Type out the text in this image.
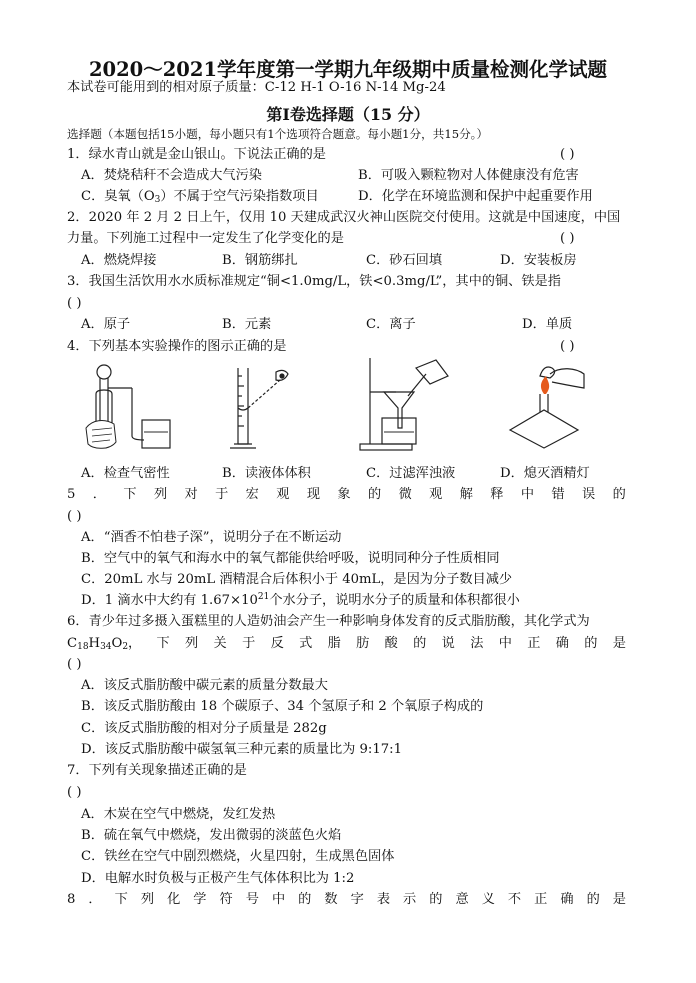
2020～2021学年度第一学期九年级期中质量检测化学试题
本试卷可能用到的相对原子质量：C-12 H-1 O-16 N-14 Mg-24
第Ⅰ卷选择题（15 分）
选择题（本题包括15小题，每小题只有1个选项符合题意。每小题1分，共15分。）
1．绿水青山就是金山银山。下说法正确的是	( )
A．焚烧秸秆不会造成大气污染	B．可吸入颗粒物对人体健康没有危害
C．臭氧$(O_3)$不属于空气污染指数项目	D．化学在环境监测和保护中起重要作用
2．2020 年 2 月 2 日上午，仅用 10 天建成武汉火神山医院交付使用。这就是中国速度，中国
力量。下列施工过程中一定发生了化学变化的是	( )
A．燃烧焊接	B．钢筋绑扎	C．砂石回填	D．安装板房
3．我国生活饮用水水质标准规定“铜<1.0mg/L，铁<0.3mg/L”，其中的铜、铁是指
( )
A．原子	B．元素	C．离子	D．单质
4．下列基本实验操作的图示正确的是	( )
A．检查气密性	B．读液体体积	C．过滤浑浊液	D．熄灭酒精灯
5 ． 下 列 对 于 宏 观 现 象 的 微 观 解 释 中 错 误 的
( )
A．“酒香不怕巷子深”，说明分子在不断运动
B．空气中的氧气和海水中的氧气都能供给呼吸，说明同种分子性质相同
C．20mL 水与 20mL 酒精混合后体积小于 40mL，是因为分子数目减少
D．1 滴水中大约有 $1.67\times 10^{21}$个水分子，说明水分子的质量和体积都很小
6．青少年过多摄入蛋糕里的人造奶油会产生一种影响身体发育的反式脂肪酸，其化学式为
$C_{18}H_{34}O_2$ ， 下 列 关 于 反 式 脂 肪 酸 的 说 法 中 正 确 的 是
( )
A．该反式脂肪酸中碳元素的质量分数最大
B．该反式脂肪酸由 18 个碳原子、34 个氢原子和 2 个氧原子构成的
C．该反式脂肪酸的相对分子质量是 282g
D．该反式脂肪酸中碳氢氧三种元素的质量比为 9:17:1
7．下列有关现象描述正确的是
( )
A．木炭在空气中燃烧，发红发热
B．硫在氧气中燃烧，发出微弱的淡蓝色火焰
C．铁丝在空气中剧烈燃烧，火星四射，生成黑色固体
D．电解水时负极与正极产生气体体积比为 1:2
8 ． 下 列 化 学 符 号 中 的 数 字 表 示 的 意 义 不 正 确 的 是
